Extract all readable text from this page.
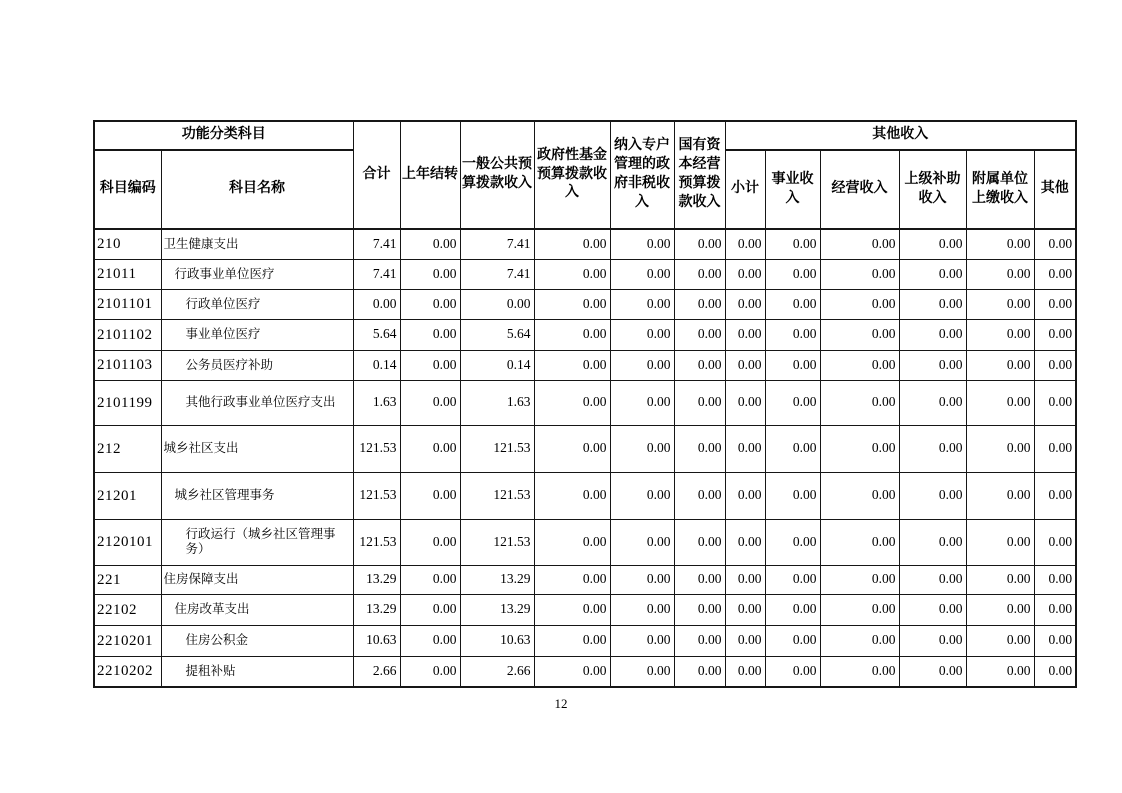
功能分类科目		合计	上年结转	一般公共预算拨款收入	政府性基金预算拨款收入	纳入专户管理的政府非税收入	国有资本经营预算拨款收入	其他收入					
科目编码	科目名称							小计	事业收入	经营收入	上级补助收入	附属单位上缴收入	其他
210	卫生健康支出	7.41	0.00	7.41	0.00	0.00	0.00	0.00	0.00	0.00	0.00	0.00	0.00
21011	行政事业单位医疗	7.41	0.00	7.41	0.00	0.00	0.00	0.00	0.00	0.00	0.00	0.00	0.00
2101101	行政单位医疗	0.00	0.00	0.00	0.00	0.00	0.00	0.00	0.00	0.00	0.00	0.00	0.00
2101102	事业单位医疗	5.64	0.00	5.64	0.00	0.00	0.00	0.00	0.00	0.00	0.00	0.00	0.00
2101103	公务员医疗补助	0.14	0.00	0.14	0.00	0.00	0.00	0.00	0.00	0.00	0.00	0.00	0.00
2101199	其他行政事业单位医疗支出	1.63	0.00	1.63	0.00	0.00	0.00	0.00	0.00	0.00	0.00	0.00	0.00
212	城乡社区支出	121.53	0.00	121.53	0.00	0.00	0.00	0.00	0.00	0.00	0.00	0.00	0.00
21201	城乡社区管理事务	121.53	0.00	121.53	0.00	0.00	0.00	0.00	0.00	0.00	0.00	0.00	0.00
2120101	行政运行（城乡社区管理事务）	121.53	0.00	121.53	0.00	0.00	0.00	0.00	0.00	0.00	0.00	0.00	0.00
221	住房保障支出	13.29	0.00	13.29	0.00	0.00	0.00	0.00	0.00	0.00	0.00	0.00	0.00
22102	住房改革支出	13.29	0.00	13.29	0.00	0.00	0.00	0.00	0.00	0.00	0.00	0.00	0.00
2210201	住房公积金	10.63	0.00	10.63	0.00	0.00	0.00	0.00	0.00	0.00	0.00	0.00	0.00
2210202	提租补贴	2.66	0.00	2.66	0.00	0.00	0.00	0.00	0.00	0.00	0.00	0.00	0.00
12
